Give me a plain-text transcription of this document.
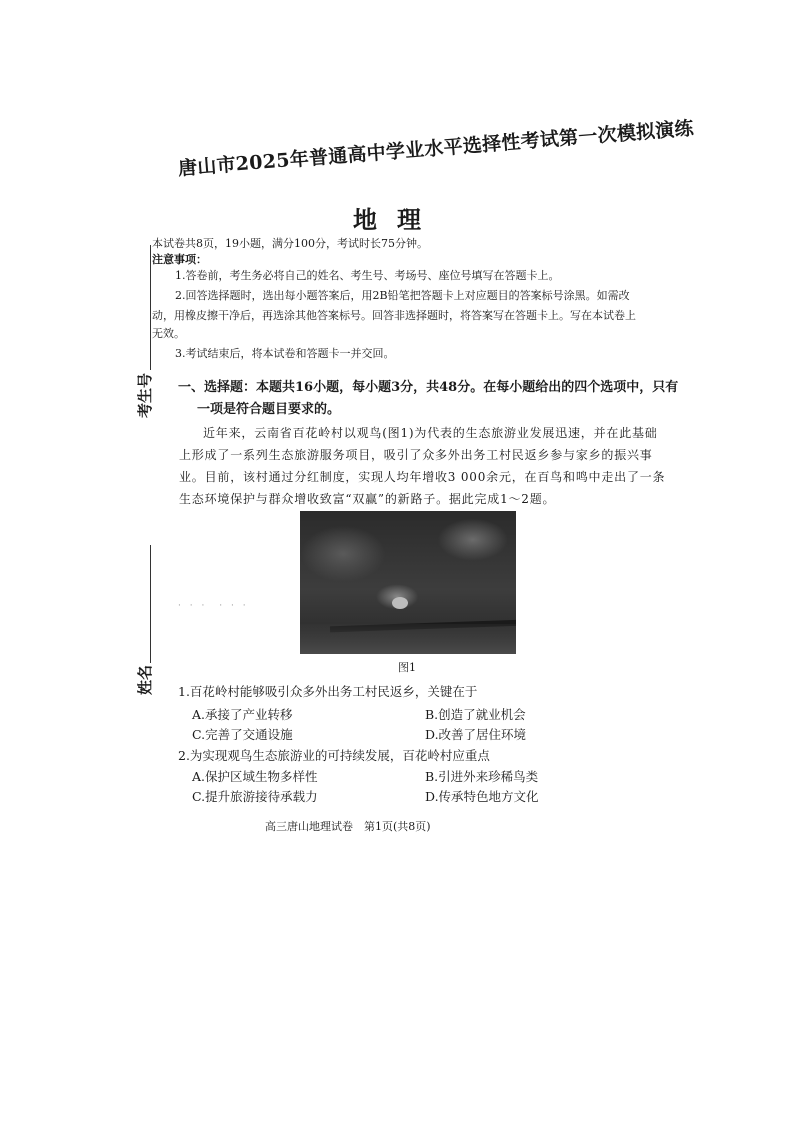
唐山市2025年普通高中学业水平选择性考试第一次模拟演练
地理
本试卷共8页，19小题，满分100分，考试时长75分钟。
注意事项：
1.答卷前，考生务必将自己的姓名、考生号、考场号、座位号填写在答题卡上。
2.回答选择题时，选出每小题答案后，用2B铅笔把答题卡上对应题目的答案标号涂黑。如需改
动，用橡皮擦干净后，再选涂其他答案标号。回答非选择题时，将答案写在答题卡上。写在本试卷上
无效。
3.考试结束后，将本试卷和答题卡一并交回。
考生号
姓名
一、选择题：本题共16小题，每小题3分，共48分。在每小题给出的四个选项中，只有
一项是符合题目要求的。
近年来，云南省百花岭村以观鸟(图1)为代表的生态旅游业发展迅速，并在此基础
上形成了一系列生态旅游服务项目，吸引了众多外出务工村民返乡参与家乡的振兴事
业。目前，该村通过分红制度，实现人均年增收3 000余元，在百鸟和鸣中走出了一条
生态环境保护与群众增收致富“双赢”的新路子。据此完成1～2题。
· · ·　· · ·
图1
1.百花岭村能够吸引众多外出务工村民返乡，关键在于
A.承接了产业转移	B.创造了就业机会
C.完善了交通设施	D.改善了居住环境
2.为实现观鸟生态旅游业的可持续发展，百花岭村应重点
A.保护区域生物多样性	B.引进外来珍稀鸟类
C.提升旅游接待承载力	D.传承特色地方文化
高三唐山地理试卷　第1页(共8页)
